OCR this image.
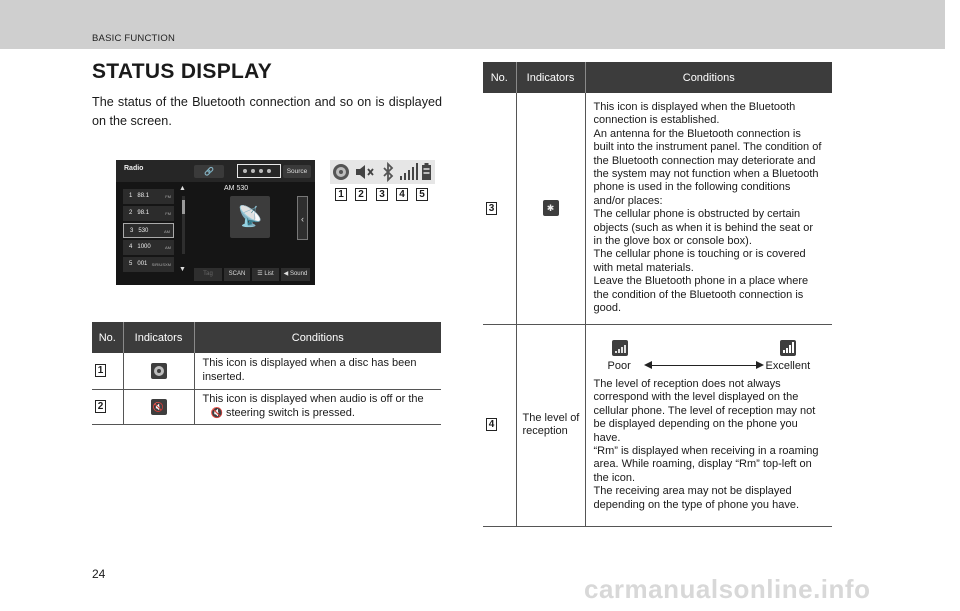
BASIC FUNCTION
STATUS DISPLAY
The status of the Bluetooth connection and so on is displayed on the screen.
Radio	🔗	Source
1 88.1	FM
2 98.1	FM
3 530	AM
4 1000	AM
5 001 SIRIUSXM
▲
▼
AM 530
📡	‹
Tag	SCAN	☰ List	◀ Sound
1	2	3	4	5
No.	Indicators	Conditions
1		This icon is displayed when a disc has been inserted.
2	🔇	This icon is displayed when audio is off or the
🔇 steering switch is pressed.
No.	Indicators	Conditions
3	✱	This icon is displayed when the Bluetooth connection is established.
An antenna for the Bluetooth connection is built into the instrument panel. The condition of the Bluetooth connection may deteriorate and the system may not function when a Bluetooth phone is used in the following conditions and/or places:
The cellular phone is obstructed by certain objects (such as when it is behind the seat or in the glove box or console box).
The cellular phone is touching or is covered with metal materials.
Leave the Bluetooth phone in a place where the condition of the Bluetooth connection is good.
4	The level of reception	Poor Excellent
The level of reception does not always correspond with the level displayed on the cellular phone. The level of reception may not be displayed depending on the phone you have.
“Rm” is displayed when receiving in a roaming area. While roaming, display “Rm” top-left on the icon.
The receiving area may not be displayed depending on the type of phone you have.
24	carmanualsonline.info
